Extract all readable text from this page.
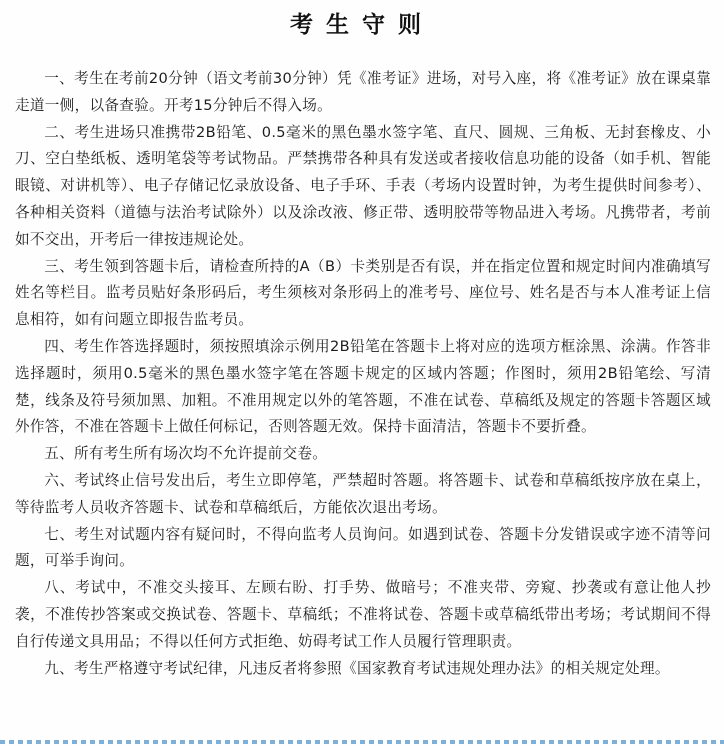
考生守则

一、考生在考前20分钟（语文考前30分钟）凭《准考证》进场，对号入座，将《准考证》放在课桌靠走道一侧，以备查验。开考15分钟后不得入场。

二、考生进场只准携带2B铅笔、0.5毫米的黑色墨水签字笔、直尺、圆规、三角板、无封套橡皮、小刀、空白垫纸板、透明笔袋等考试物品。严禁携带各种具有发送或者接收信息功能的设备（如手机、智能眼镜、对讲机等）、电子存储记忆录放设备、电子手环、手表（考场内设置时钟，为考生提供时间参考）、各种相关资料（道德与法治考试除外）以及涂改液、修正带、透明胶带等物品进入考场。凡携带者，考前如不交出，开考后一律按违规论处。

三、考生领到答题卡后，请检查所持的A（B）卡类别是否有误，并在指定位置和规定时间内准确填写姓名等栏目。监考员贴好条形码后，考生须核对条形码上的准考号、座位号、姓名是否与本人准考证上信息相符，如有问题立即报告监考员。

四、考生作答选择题时，须按照填涂示例用2B铅笔在答题卡上将对应的选项方框涂黑、涂满。作答非选择题时，须用0.5毫米的黑色墨水签字笔在答题卡规定的区域内答题；作图时，须用2B铅笔绘、写清楚，线条及符号须加黑、加粗。不准用规定以外的笔答题，不准在试卷、草稿纸及规定的答题卡答题区域外作答，不准在答题卡上做任何标记，否则答题无效。保持卡面清洁，答题卡不要折叠。

五、所有考生所有场次均不允许提前交卷。

六、考试终止信号发出后，考生立即停笔，严禁超时答题。将答题卡、试卷和草稿纸按序放在桌上，等待监考人员收齐答题卡、试卷和草稿纸后，方能依次退出考场。

七、考生对试题内容有疑问时，不得向监考人员询问。如遇到试卷、答题卡分发错误或字迹不清等问题，可举手询问。

八、考试中，不准交头接耳、左顾右盼、打手势、做暗号；不准夹带、旁窥、抄袭或有意让他人抄袭，不准传抄答案或交换试卷、答题卡、草稿纸；不准将试卷、答题卡或草稿纸带出考场；考试期间不得自行传递文具用品；不得以任何方式拒绝、妨碍考试工作人员履行管理职责。

九、考生严格遵守考试纪律，凡违反者将参照《国家教育考试违规处理办法》的相关规定处理。
